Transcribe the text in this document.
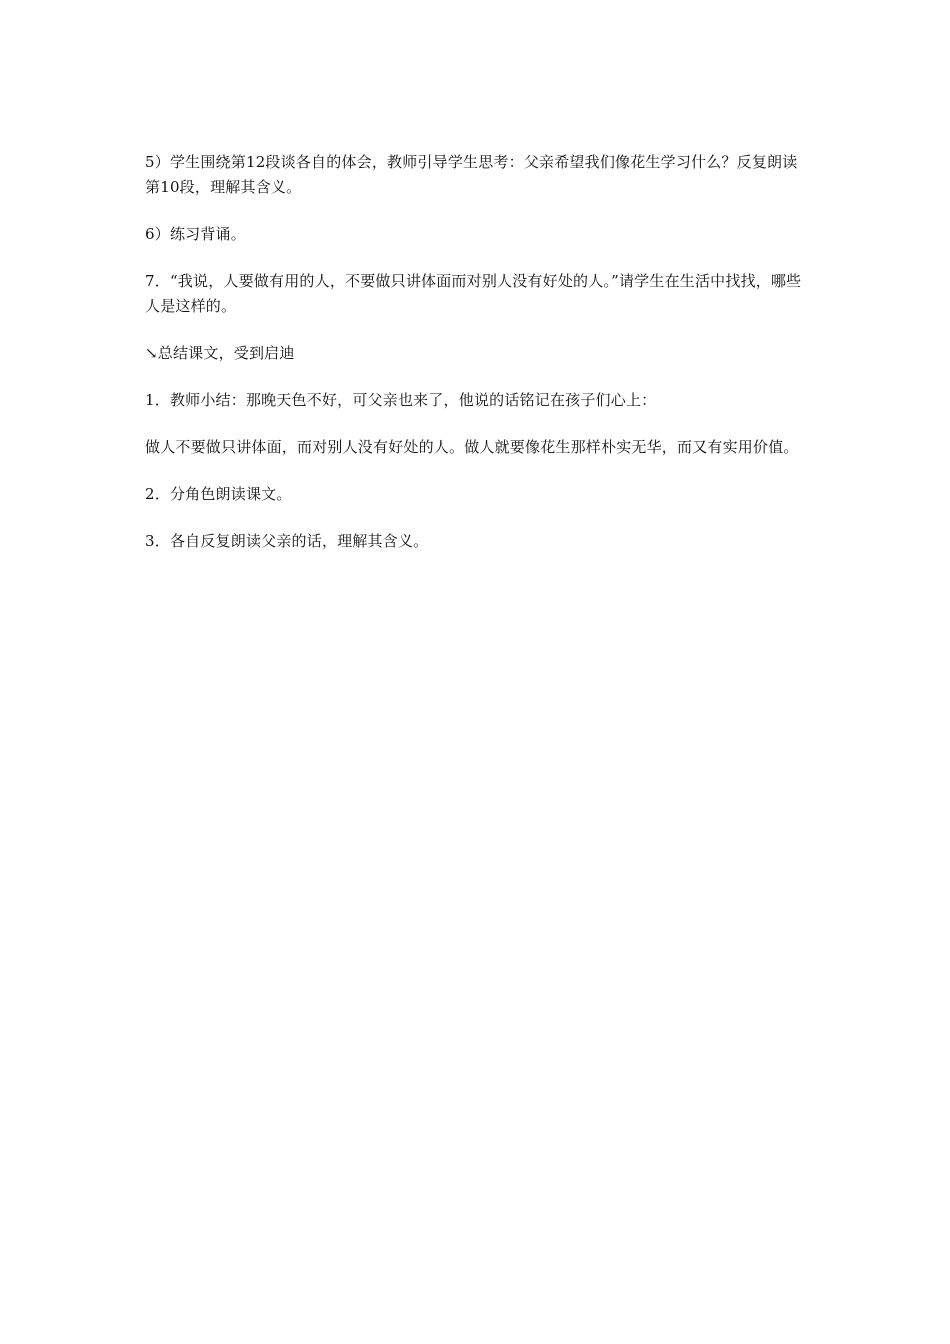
5）学生围绕第12段谈各自的体会，教师引导学生思考：父亲希望我们像花生学习什么？反复朗读第10段，理解其含义。

6）练习背诵。

7．“我说，人要做有用的人，不要做只讲体面而对别人没有好处的人。”请学生在生活中找找，哪些人是这样的。

↘总结课文，受到启迪

1．教师小结：那晚天色不好，可父亲也来了，他说的话铭记在孩子们心上：

做人不要做只讲体面，而对别人没有好处的人。做人就要像花生那样朴实无华，而又有实用价值。

2．分角色朗读课文。

3．各自反复朗读父亲的话，理解其含义。
